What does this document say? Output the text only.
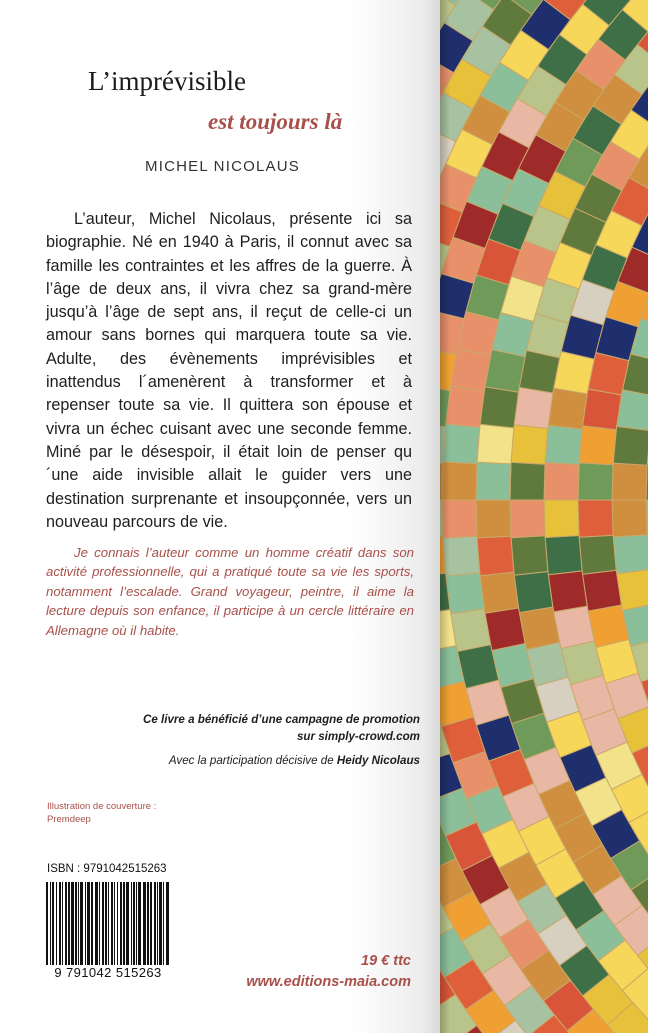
L’imprévisible
est toujours là
MICHEL NICOLAUS

L’auteur, Michel Nicolaus, présente ici sa biographie. Né en 1940 à Paris, il connut avec sa famille les contraintes et les affres de la guerre. À l’âge de deux ans, il vivra chez sa grand-mère jusqu’à l’âge de sept ans, il reçut de celle-ci un amour sans bornes qui marquera toute sa vie. Adulte, des évènements imprévisibles et inattendus l´amenèrent à transformer et à repenser toute sa vie. Il quittera son épouse et vivra un échec cuisant avec une seconde femme. Miné par le désespoir, il était loin de penser qu´une aide invisible allait le guider vers une destination surprenante et insoupçonnée, vers un nouveau parcours de vie.

Je connais l’auteur comme un homme créatif dans son activité professionnelle, qui a pratiqué toute sa vie les sports, notamment l’escalade. Grand voyageur, peintre, il aime la lecture depuis son enfance, il participe à un cercle littéraire en Allemagne où il habite.

Ce livre a bénéficié d’une campagne de promotion
sur simply-crowd.com
Avec la participation décisive de Heidy Nicolaus
Illustration de couverture :
Premdeep
ISBN : 9791042515263
9 791042 515263
19 € ttc
www.editions-maia.com
